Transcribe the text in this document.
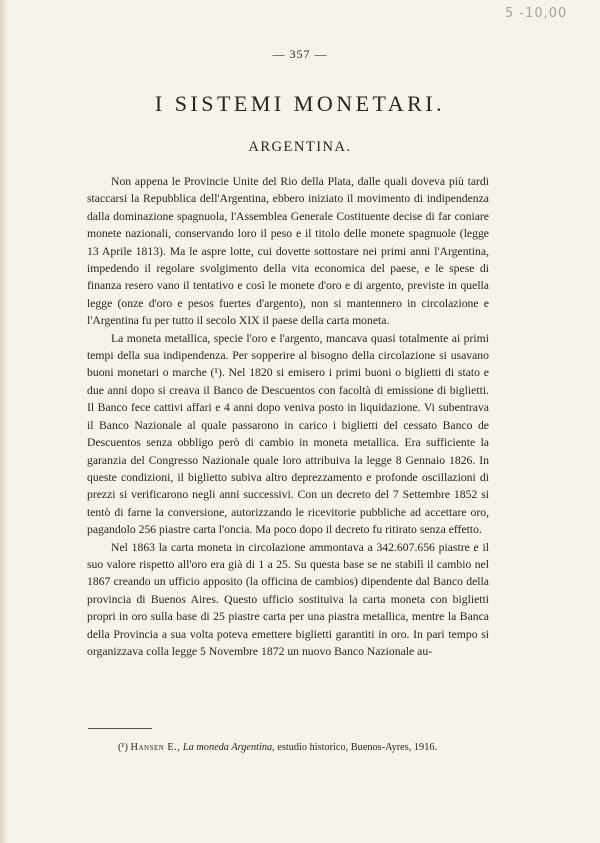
5 -10,00
— 357 —
I SISTEMI MONETARI.
ARGENTINA.

Non appena le Provincie Unite del Rio della Plata, dalle quali doveva più tardi staccarsi la Repubblica dell'Argentina, ebbero iniziato il movimento di indipendenza dalla dominazione spagnuola, l'Assemblea Generale Costituente decise di far coniare monete nazionali, conservando loro il peso e il titolo delle monete spagnuole (legge 13 Aprile 1813). Ma le aspre lotte, cui dovette sottostare nei primi anni l'Argentina, impedendo il regolare svolgimento della vita economica del paese, e le spese di finanza resero vano il tentativo e così le monete d'oro e di argento, previste in quella legge (onze d'oro e pesos fuertes d'argento), non si mantennero in circolazione e l'Argentina fu per tutto il secolo XIX il paese della carta moneta.

La moneta metallica, specie l'oro e l'argento, mancava quasi totalmente ai primi tempi della sua indipendenza. Per sopperire al bisogno della circolazione si usavano buoni monetari o marche (¹). Nel 1820 si emisero i primi buoni o biglietti di stato e due anni dopo si creava il Banco de Descuentos con facoltà di emissione di biglietti. Il Banco fece cattivi affari e 4 anni dopo veniva posto in liquidazione. Vi subentrava il Banco Nazionale al quale passarono in carico i biglietti del cessato Banco de Descuentos senza obbligo però di cambio in moneta metallica. Era sufficiente la garanzia del Congresso Nazionale quale loro attribuiva la legge 8 Gennaio 1826. In queste condizioni, il biglietto subiva altro deprezzamento e profonde oscillazioni di prezzi si verificarono negli anni successivi. Con un decreto del 7 Settembre 1852 si tentò di farne la conversione, autorizzando le ricevitorie pubbliche ad accettare oro, pagandolo 256 piastre carta l'oncia. Ma poco dopo il decreto fu ritirato senza effetto.

Nel 1863 la carta moneta in circolazione ammontava a 342.607.656 piastre e il suo valore rispetto all'oro era già di 1 a 25. Su questa base se ne stabilì il cambio nel 1867 creando un ufficio apposito (la officina de cambios) dipendente dal Banco della provincia di Buenos Aires. Questo ufficio sostituiva la carta moneta con biglietti propri in oro sulla base di 25 piastre carta per una piastra metallica, mentre la Banca della Provincia a sua volta poteva emettere biglietti garantiti in oro. In pari tempo si organizzava colla legge 5 Novembre 1872 un nuovo Banco Nazionale au-

(¹) Hansen E., La moneda Argentina, estudio historico, Buenos-Ayres, 1916.
